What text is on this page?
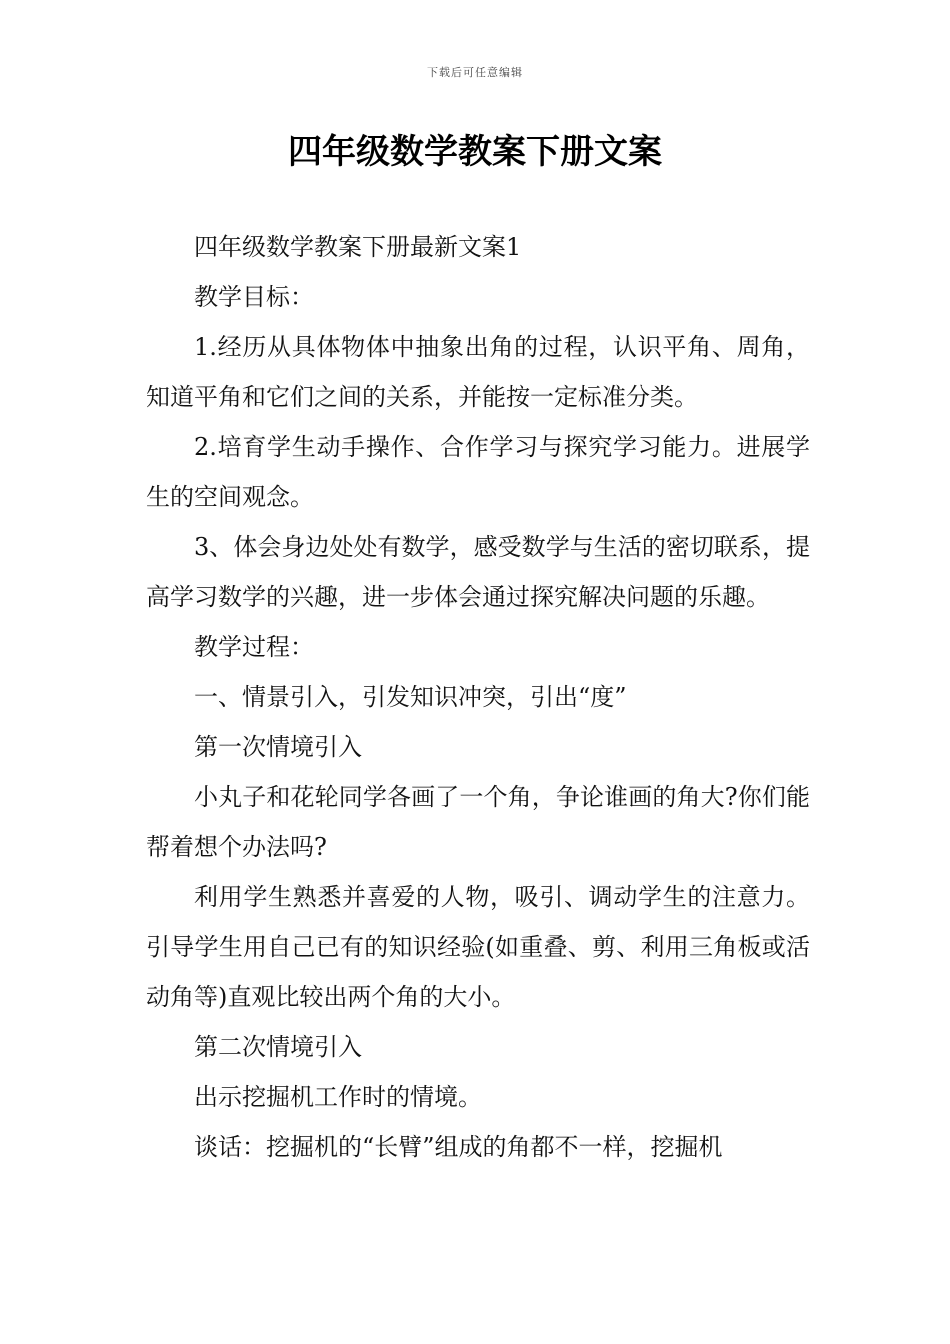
下载后可任意编辑
四年级数学教案下册文案

四年级数学教案下册最新文案1

教学目标：

1.经历从具体物体中抽象出角的过程，认识平角、周角，知道平角和它们之间的关系，并能按一定标准分类。

2.培育学生动手操作、合作学习与探究学习能力。进展学生的空间观念。

3、体会身边处处有数学，感受数学与生活的密切联系，提高学习数学的兴趣，进一步体会通过探究解决问题的乐趣。

教学过程：

一、情景引入，引发知识冲突，引出“度”

第一次情境引入

小丸子和花轮同学各画了一个角，争论谁画的角大?你们能帮着想个办法吗?

利用学生熟悉并喜爱的人物，吸引、调动学生的注意力。引导学生用自己已有的知识经验(如重叠、剪、利用三角板或活动角等)直观比较出两个角的大小。

第二次情境引入

出示挖掘机工作时的情境。

谈话：挖掘机的“长臂”组成的角都不一样，挖掘机
